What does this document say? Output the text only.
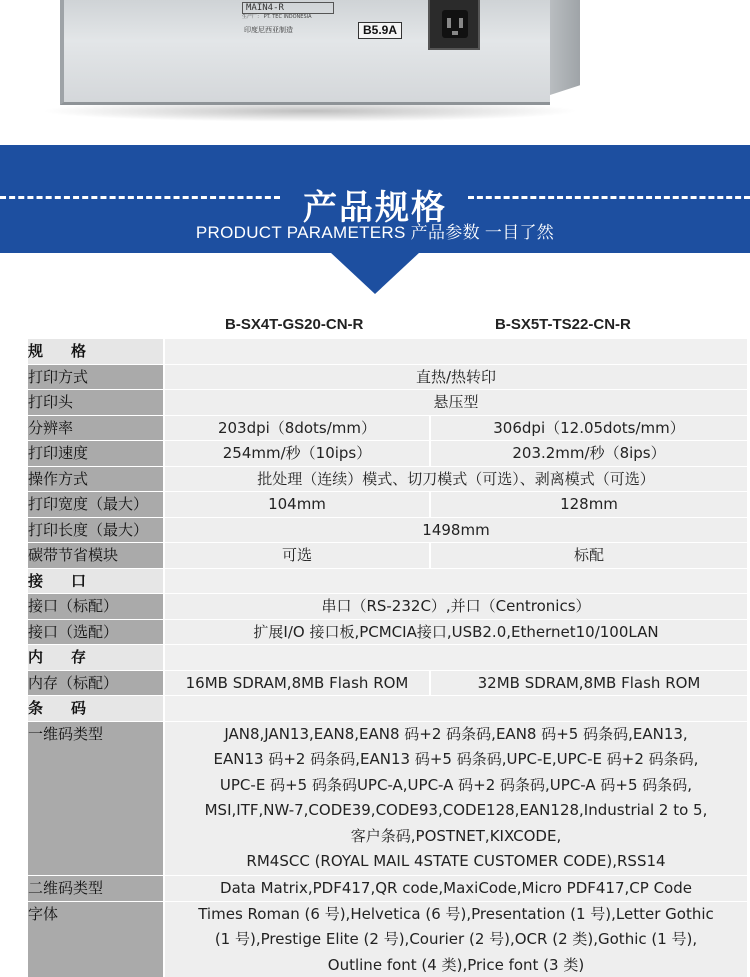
MAIN4-R
生产厂： PT. TEC INDONESIA
印度尼西亚制造	B5.9A
产品规格
PRODUCT PARAMETERS 产品参数 一目了然
B-SX4T-GS20-CN-R	B-SX5T-TS22-CN-R
规格
打印方式	直热/热转印
打印头	悬压型
分辨率	203dpi（8dots/mm）	306dpi（12.05dots/mm）
打印速度	254mm/秒（10ips）	203.2mm/秒（8ips）
操作方式	批处理（连续）模式、切刀模式（可选）、剥离模式（可选）
打印宽度（最大）	104mm	128mm
打印长度（最大）	1498mm
碳带节省模块	可选	标配
接口
接口（标配）	串口（RS-232C）,并口（Centronics）
接口（选配）	扩展I/O 接口板,PCMCIA接口,USB2.0,Ethernet10/100LAN
内存
内存（标配）	16MB SDRAM,8MB Flash ROM	32MB SDRAM,8MB Flash ROM
条码
一维码类型	JAN8,JAN13,EAN8,EAN8 码+2 码条码,EAN8 码+5 码条码,EAN13,
EAN13 码+2 码条码,EAN13 码+5 码条码,UPC-E,UPC-E 码+2 码条码,
UPC-E 码+5 码条码UPC-A,UPC-A 码+2 码条码,UPC-A 码+5 码条码,
MSI,ITF,NW-7,CODE39,CODE93,CODE128,EAN128,Industrial 2 to 5,
客户条码,POSTNET,KIXCODE,
RM4SCC (ROYAL MAIL 4STATE CUSTOMER CODE),RSS14
二维码类型	Data Matrix,PDF417,QR code,MaxiCode,Micro PDF417,CP Code
字体	Times Roman (6 号),Helvetica (6 号),Presentation (1 号),Letter Gothic
(1 号),Prestige Elite (2 号),Courier (2 号),OCR (2 类),Gothic (1 号),
Outline font (4 类),Price font (3 类)
